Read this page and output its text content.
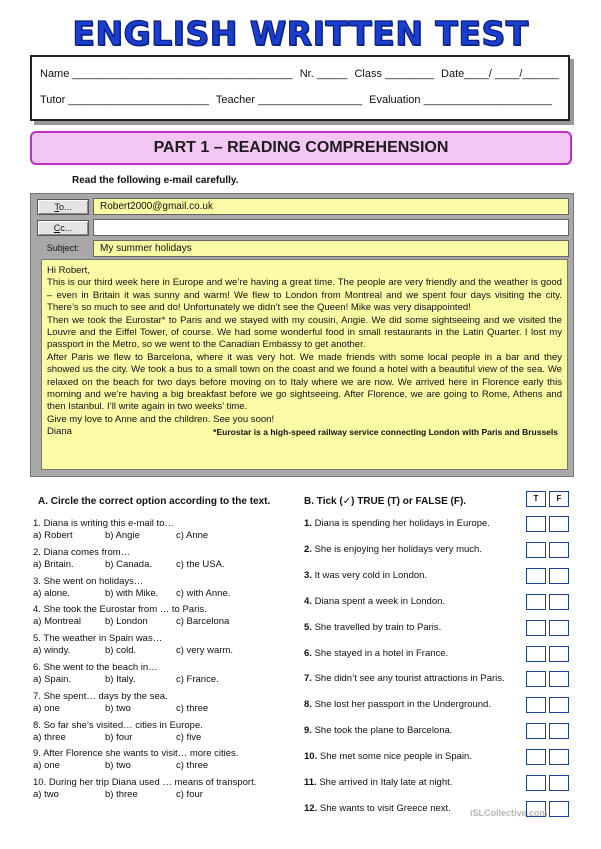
ENGLISH WRITTEN TEST
Name ____________________________________ Nr. _____ Class ________ Date____/ ____/______
Tutor _______________________ Teacher _________________ Evaluation _____________________
PART 1 – READING COMPREHENSION
Read the following e-mail carefully.
To...	Robert2000@gmail.co.uk
Cc...
Subject:	My summer holidays

Hi Robert,

This is our third week here in Europe and we’re having a great time. The people are very friendly and the weather is good – even in Britain it was sunny and warm! We flew to London from Montreal and we spent four days visiting the city. There’s so much to see and do! Unfortunately we didn’t see the Queen! Mike was very disappointed!

Then we took the Eurostar* to Paris and we stayed with my cousin, Angie. We did some sightseeing and we visited the Louvre and the Eiffel Tower, of course. We had some wonderful food in small restaurants in the Latin Quarter. I lost my passport in the Metro, so we went to the Canadian Embassy to get another.

After Paris we flew to Barcelona, where it was very hot. We made friends with some local people in a bar and they showed us the city. We took a bus to a small town on the coast and we found a hotel with a beautiful view of the sea. We relaxed on the beach for two days before moving on to Italy where we are now. We arrived here in Florence early this morning and we’re having a big breakfast before we go sightseeing. After Florence, we are going to Rome, Athens and then Istanbul. I’ll write again in two weeks’ time.

Give my love to Anne and the children. See you soon!

Diana	*Eurostar is a high-speed railway service connecting London with Paris and Brussels
A. Circle the correct option according to the text.	B. Tick (✓) TRUE (T) or FALSE (F).	T	F
1. Diana is writing this e-mail to…
a) Robert	b) Angie	c) Anne
2. Diana comes from…
a) Britain.	b) Canada.	c) the USA.
3. She went on holidays…
a) alone.	b) with Mike. c) with Anne.
4. She took the Eurostar from … to Paris.
a) Montreal	b) London	c) Barcelona
5. The weather in Spain was…
a) windy.	b) cold.	c) very warm.
6. She went to the beach in…
a) Spain.	b) Italy.	c) France.
7. She spent… days by the sea.
a) one	b) two	c) three
8. So far she’s visited… cities in Europe.
a) three	b) four	c) five
9. After Florence she wants to visit… more cities.
a) one	b) two	c) three
10. During her trip Diana used … means of transport.
a) two	b) three	c) four
1. Diana is spending her holidays in Europe.
2. She is enjoying her holidays very much.
3. It was very cold in London.
4. Diana spent a week in London.
5. She travelled by train to Paris.
6. She stayed in a hotel in France.
7. She didn’t see any tourist attractions in Paris.
8. She lost her passport in the Underground.
9. She took the plane to Barcelona.
10. She met some nice people in Spain.
11. She arrived in Italy late at night.
12. She wants to visit Greece next. iSLCollective.com
